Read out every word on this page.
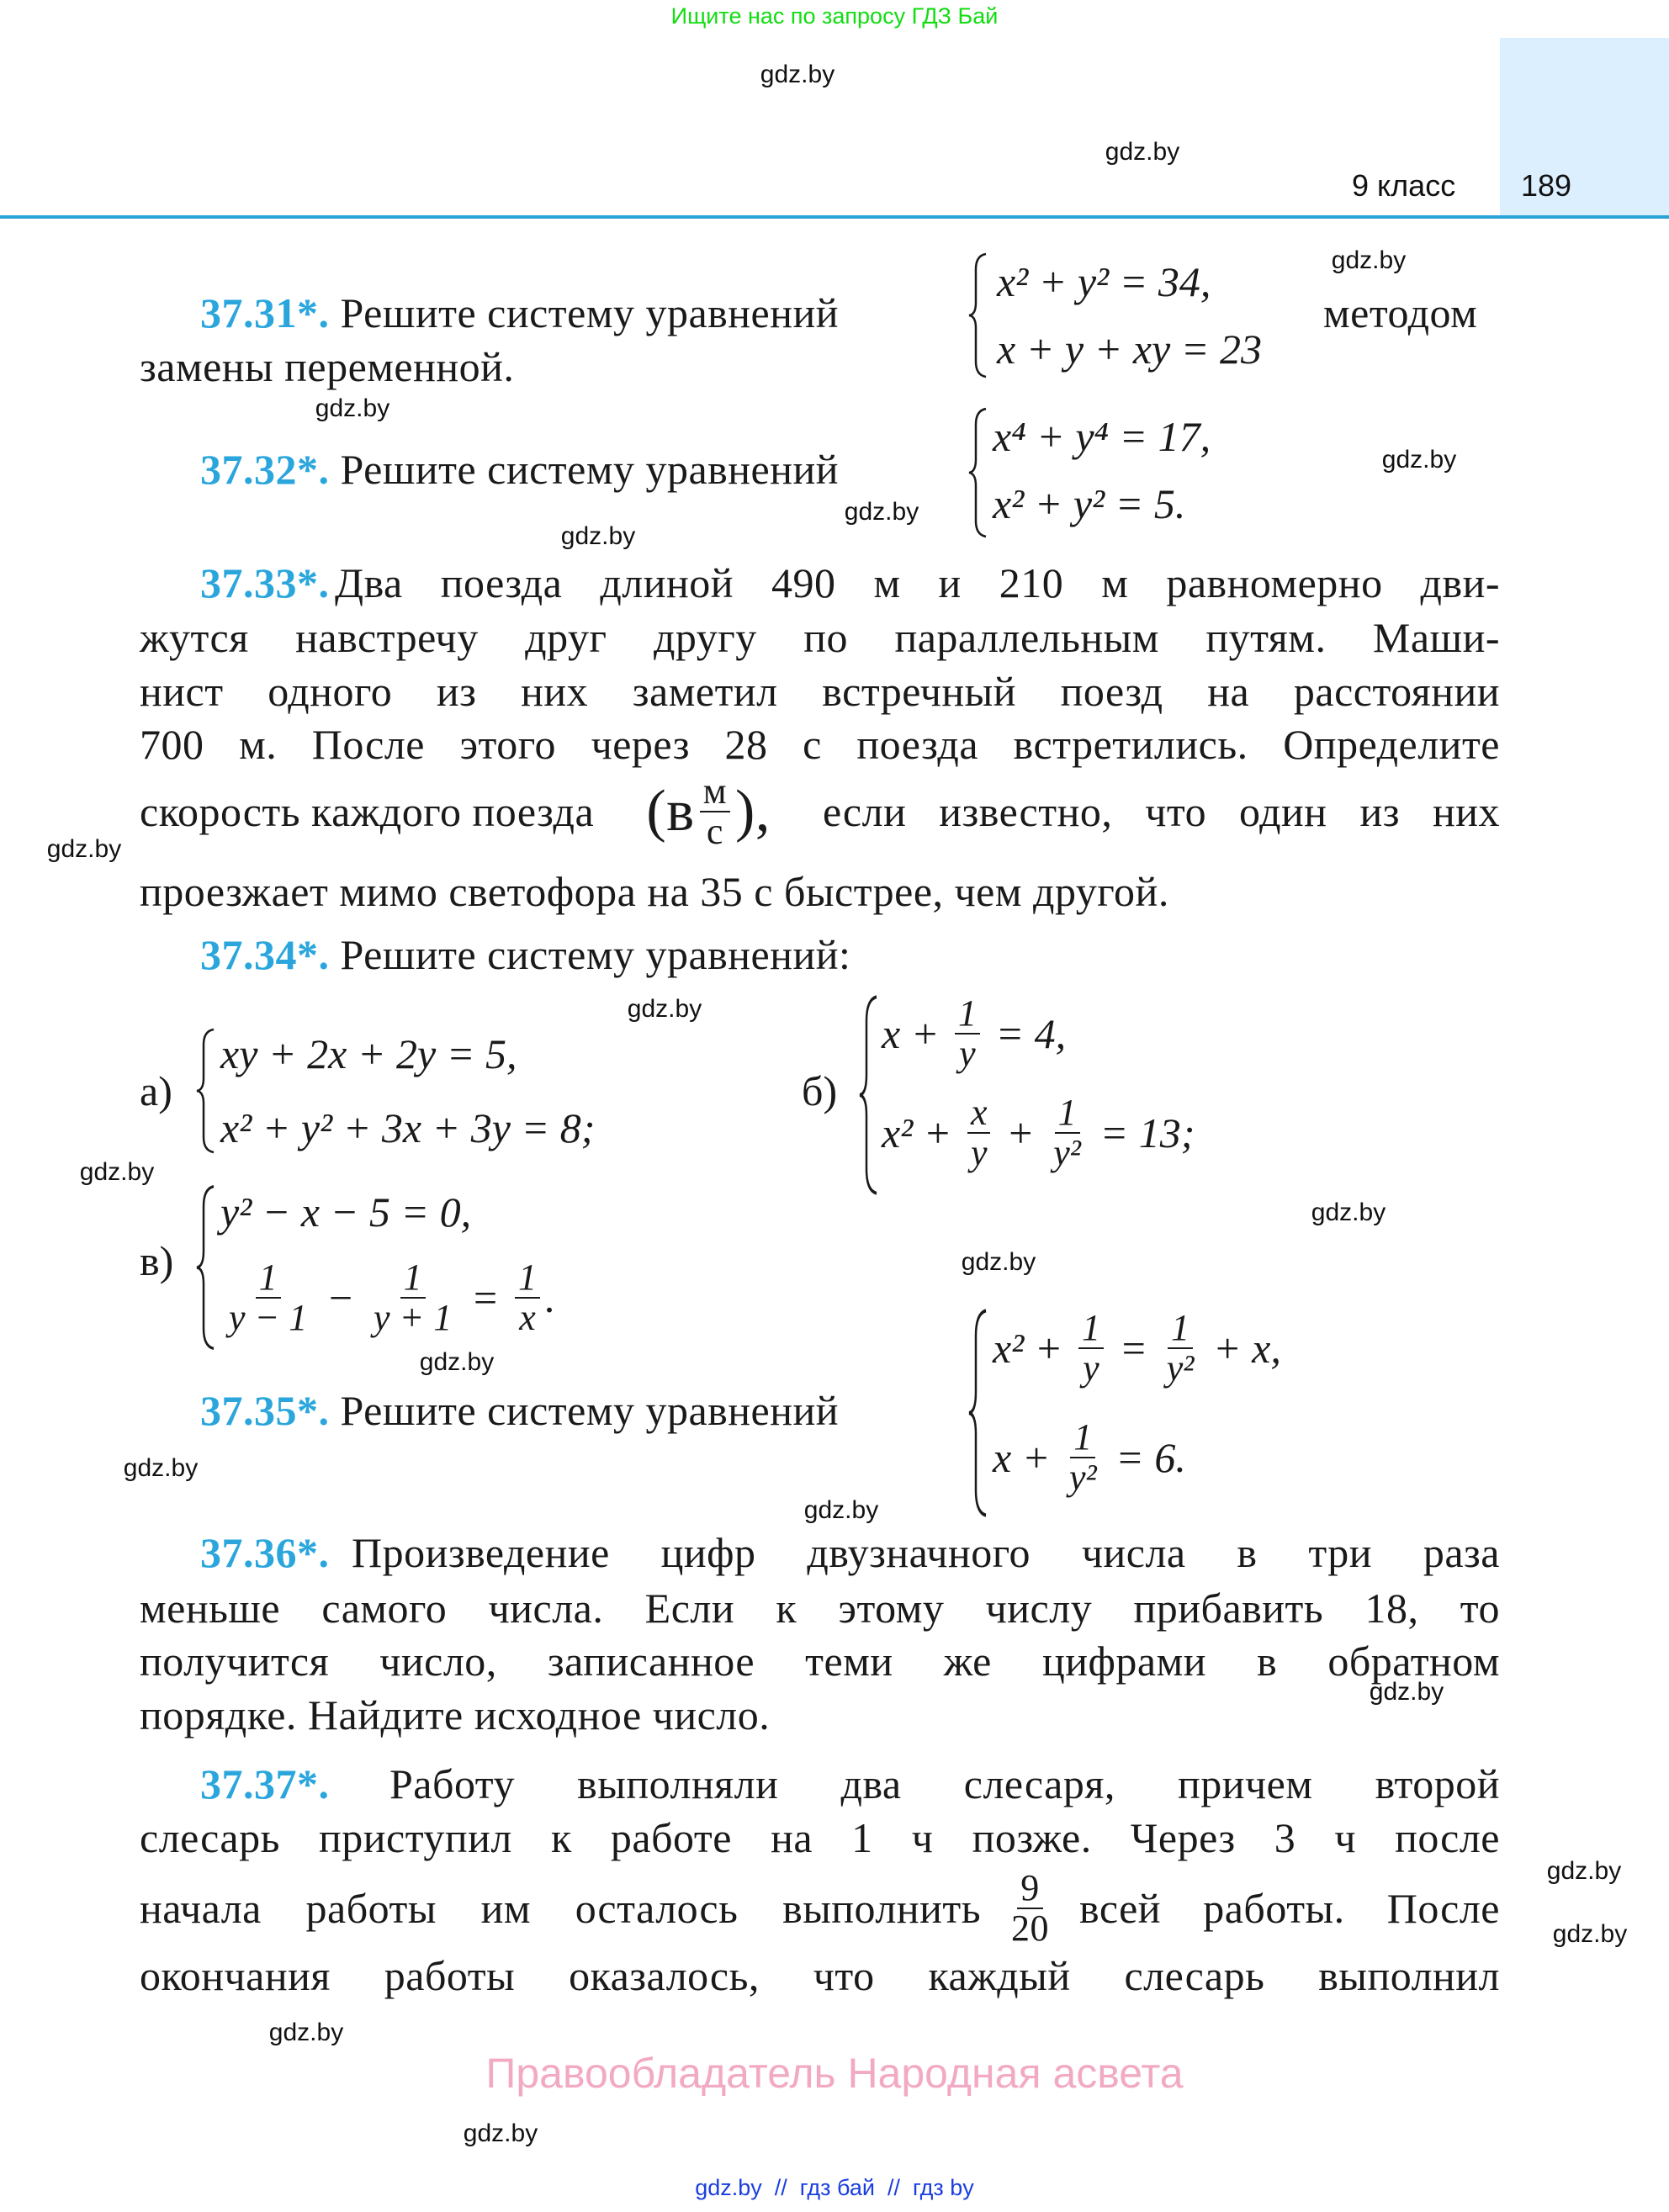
Ищите нас по запросу ГДЗ Бай
9 класс 189
gdz.by
gdz.by
gdz.by
gdz.by
gdz.by
gdz.by
gdz.by
gdz.by
gdz.by
gdz.by
gdz.by
gdz.by
gdz.by
gdz.by
gdz.by
gdz.by
gdz.by
gdz.by
gdz.by
gdz.by
37.31*. Решите систему уравнений
x² + y² = 34,
x + y + xy = 23
методом
замены переменной.
37.32*. Решите систему уравнений
x⁴ + y⁴ = 17,
x² + y² = 5.
37.33*. Два поезда длиной 490 м и 210 м равномерно дви-
жутся навстречу друг другу по параллельным путям. Маши-
нист одного из них заметил встречный поезд на расстоянии
700 м. После этого через 28 с поезда встретились. Определите
скорость каждого поезда ($в \frac{м}{с}$ ), если известно, что один из них
проезжает мимо светофора на 35 с быстрее, чем другой.
37.34*. Решите систему уравнений:
а)
xy + 2x + 2y = 5,
x² + y² + 3x + 3y = 8;
б)
$x + \frac{1}{y} = 4$,
$x^2 + \frac{x}{y} + \frac{1}{\text{y²}} = 13$;
в)
y² − x − 5 = 0,
$\frac{1}{y - 1} - \frac{1}{y + 1} = \frac{1}{x}$ .
37.35*. Решите систему уравнений
$x^2 + \frac{1}{y} = \frac{1}{\text{y²}} + x$,
$x + \frac{1}{\text{y²}} = 6$.
37.36*. Произведение цифр двузначного числа в три раза
меньше самого числа. Если к этому числу прибавить 18, то
получится число, записанное теми же цифрами в обратном
порядке. Найдите исходное число.
37.37*. Работу выполняли два слесаря, причем второй
слесарь приступил к работе на 1 ч позже. Через 3 ч после
начала работы им осталось выполнить $\frac{9}{20}$ всей работы. После
окончания работы оказалось, что каждый слесарь выполнил
Правообладатель Народная асвета
gdz.by  //  гдз бай  //  гдз by
